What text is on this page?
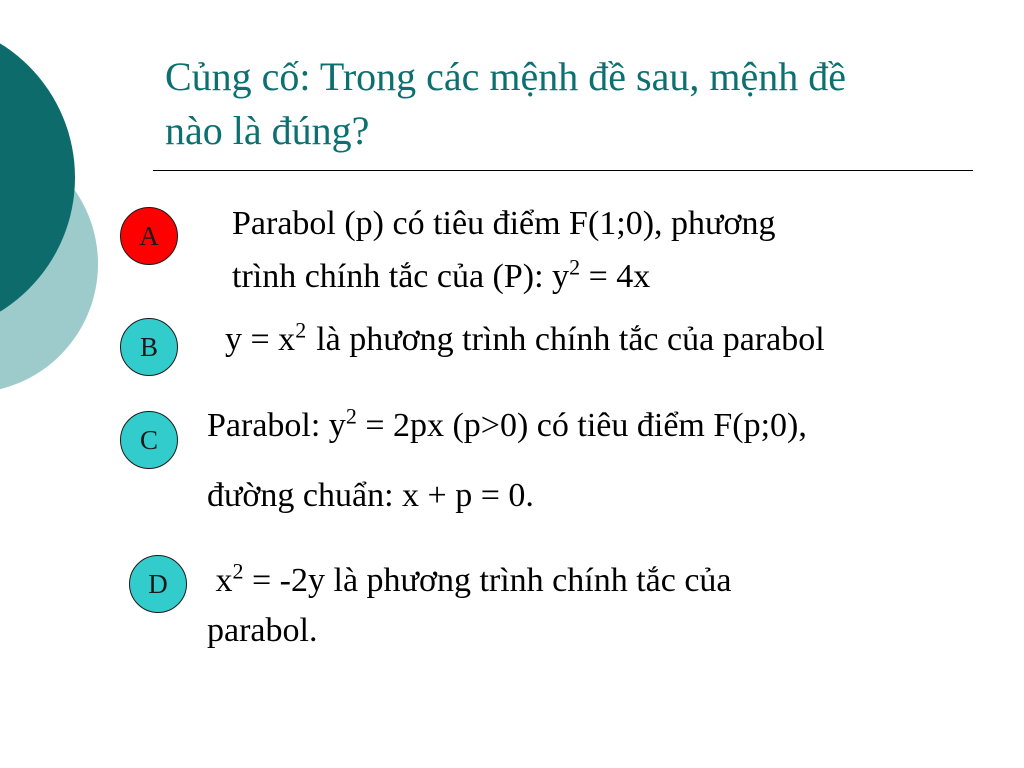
Củng cố: Trong các mệnh đề sau, mệnh đề
nào là đúng?
A Parabol (p) có tiêu điểm F(1;0), phương
trình chính tắc của (P): $y^2 = 4x$
B $y = x^2$ là phương trình chính tắc của parabol
C Parabol: $y^2 = 2px$ (p>0) có tiêu điểm F(p;0),
đường chuẩn: x + p = 0.
D $x^2 = -2y$ là phương trình chính tắc của
parabol.
